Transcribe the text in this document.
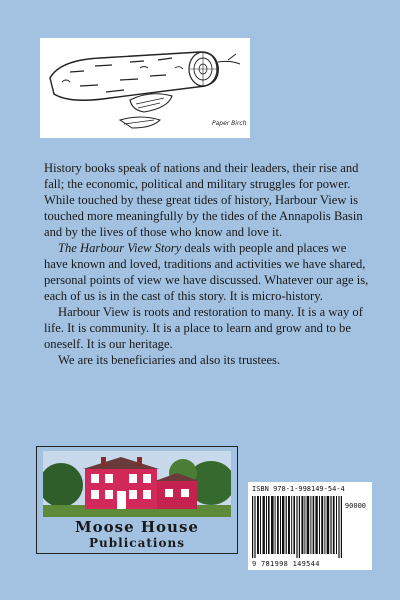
Paper Birch

History books speak of nations and their leaders, their rise and fall; the economic, political and military struggles for power. While touched by these great tides of history, Harbour View is touched more meaningfully by the tides of the Annapolis Basin and by the lives of those who know and love it.

The Harbour View Story deals with people and places we have known and loved, traditions and activities we have shared, personal points of view we have discussed. Whatever our age is, each of us is in the cast of this story. It is micro-history.

Harbour View is roots and restoration to many. It is a way of life. It is community. It is a place to learn and grow and to be oneself. It is our heritage.

We are its beneficiaries and also its trustees.

Moose House
Publications
ISBN 978-1-998149-54-4
90000
9 781998 149544
